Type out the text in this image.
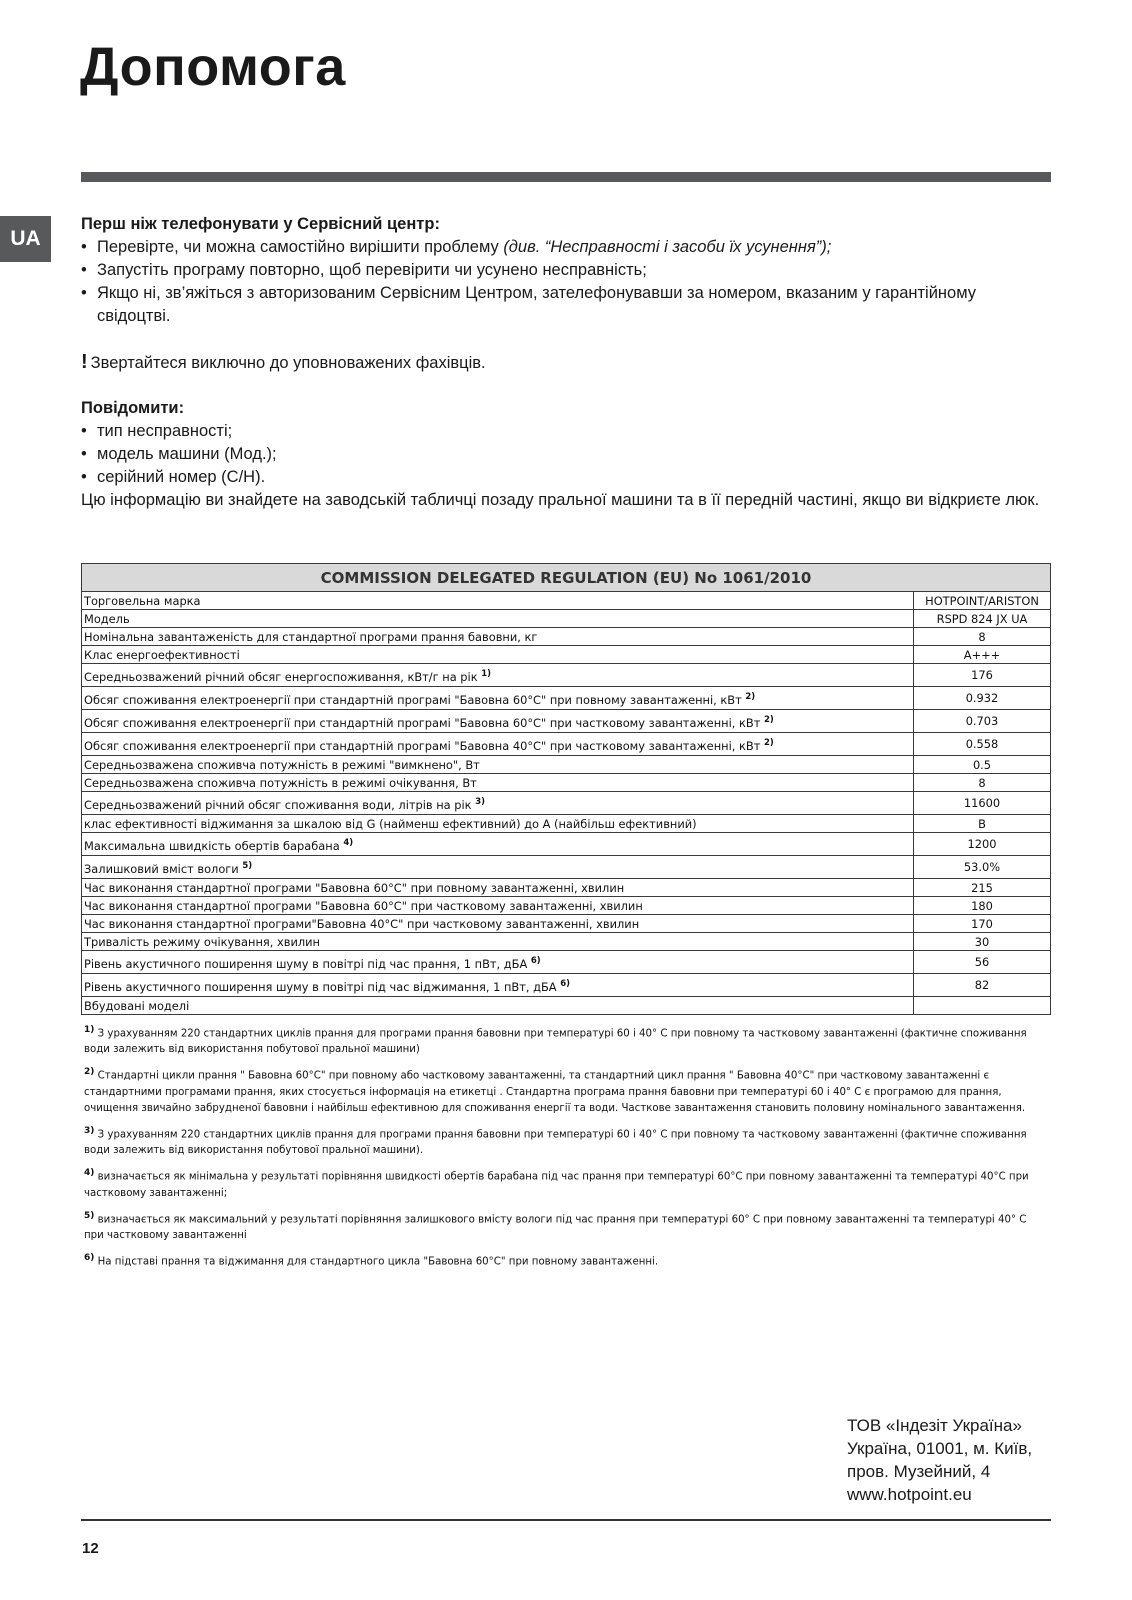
Допомога
UA
Перш ніж телефонувати у Сервісний центр:
• Перевірте, чи можна самостійно вирішити проблему (див. “Несправності і засоби їх усунення”);
• Запустіть програму повторно, щоб перевірити чи усунено несправність;
• Якщо ні, зв’яжіться з авторизованим Сервісним Центром, зателефонувавши за номером, вказаним у гарантійному свідоцтві.

! Звертайтеся виключно до уповноважених фахівців.

Повідомити:
• тип несправності;
• модель машини (Мод.);
• серійний номер (С/Н).

Цю інформацію ви знайдете на заводській табличці позаду пральної машини та в її передній частині, якщо ви відкриєте люк.

COMMISSION DELEGATED REGULATION (EU) No 1061/2010	
Торговельна марка	HOTPOINT/ARISTON
Модель	RSPD 824 JX UA
Номінальна завантаженість для стандартної програми прання бавовни, кг	8
Клас енергоефективності	A+++
Середньозважений річний обсяг енергоспоживання, кВт/г на рік $^{1)}$	176
Обсяг споживання електроенергії при стандартній програмі "Бавовна 60°C" при повному завантаженні, кВт $^{2)}$	0.932
Обсяг споживання електроенергії при стандартній програмі "Бавовна 60°C" при частковому завантаженні, кВт $^{2)}$	0.703
Обсяг споживання електроенергії при стандартній програмі "Бавовна 40°C" при частковому завантаженні, кВт $^{2)}$	0.558
Середньозважена споживча потужність в режимі "вимкнено", Вт	0.5
Середньозважена споживча потужність в режимі очікування, Вт	8
Середньозважений річний обсяг споживання води, літрів на рік $^{3)}$	11600
клас ефективності віджимання за шкалою від G (найменш ефективний) до A (найбільш ефективний)	B
Максимальна швидкість обертів барабана $^{4)}$	1200
Залишковий вміст вологи $^{5)}$	53.0%
Час виконання стандартної програми "Бавовна 60°C" при повному завантаженні, хвилин	215
Час виконання стандартної програми "Бавовна 60°C" при частковому завантаженні, хвилин	180
Час виконання стандартної програми"Бавовна 40°C" при частковому завантаженні, хвилин	170
Тривалість режиму очікування, хвилин	30
Рівень акустичного поширення шуму в повітрі під час прання, 1 пВт, дБА $^{6)}$	56
Рівень акустичного поширення шуму в повітрі під час віджимання, 1 пВт, дБА $^{6)}$	82
Вбудовані моделі	

$^{1)}$ З урахуванням 220 стандартних циклів прання для програми прання бавовни при температурі 60 і 40° C при повному та частковому завантаженні (фактичне споживання води залежить від використання побутової пральної машини)

$^{2)}$ Стандартні цикли прання " Бавовна 60°C" при повному або частковому завантаженні, та стандартний цикл прання " Бавовна 40°C" при частковому завантаженні є стандартними програмами прання, яких стосується інформація на етикетці . Стандартна програма прання бавовни при температурі 60 і 40° C є програмою для прання, очищення звичайно забрудненої бавовни і найбільш ефективною для споживання енергії та води. Часткове завантаження становить половину номінального завантаження.

$^{3)}$ З урахуванням 220 стандартних циклів прання для програми прання бавовни при температурі 60 і 40° C при повному та частковому завантаженні (фактичне споживання води залежить від використання побутової пральної машини).

$^{4)}$ визначається як мінімальна у результаті порівняння швидкості обертів барабана під час прання при температурі 60°C при повному завантаженні та температурі 40°C при частковому завантаженні;

$^{5)}$ визначається як максимальний у результаті порівняння залишкового вмісту вологи під час прання при температурі 60° C при повному завантаженні та температурі 40° C при частковому завантаженні

$^{6)}$ На підставі прання та віджимання для стандартного цикла "Бавовна 60°C" при повному завантаженні.

ТОВ «Індезіт Україна»
Україна, 01001, м. Київ,
пров. Музейний, 4
www.hotpoint.eu
12
